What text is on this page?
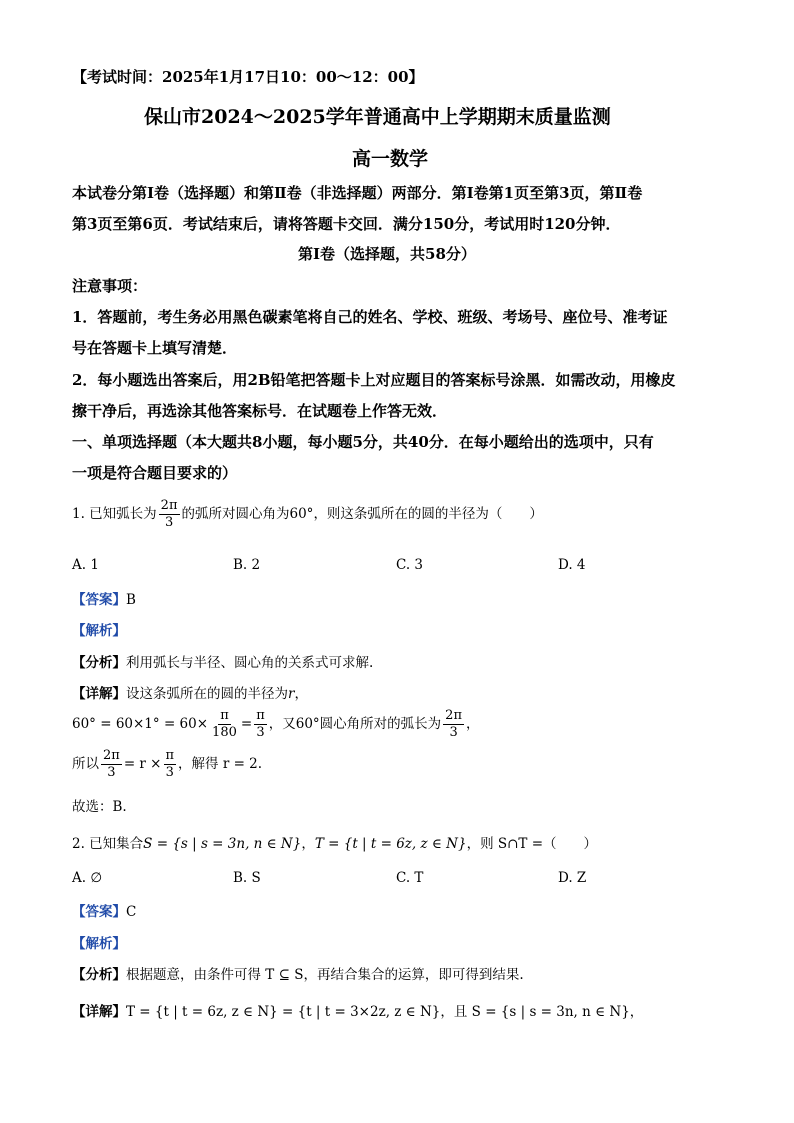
【考试时间：2025年1月17日10：00～12：00】
保山市2024～2025学年普通高中上学期期末质量监测
高一数学
本试卷分第Ⅰ卷（选择题）和第Ⅱ卷（非选择题）两部分．第Ⅰ卷第1页至第3页，第Ⅱ卷
第3页至第6页．考试结束后，请将答题卡交回．满分150分，考试用时120分钟．
第Ⅰ卷（选择题，共58分）
注意事项：
1．答题前，考生务必用黑色碳素笔将自己的姓名、学校、班级、考场号、座位号、准考证
号在答题卡上填写清楚．
2．每小题选出答案后，用2B铅笔把答题卡上对应题目的答案标号涂黑．如需改动，用橡皮
擦干净后，再选涂其他答案标号．在试题卷上作答无效．
一、单项选择题（本大题共8小题，每小题5分，共40分．在每小题给出的选项中，只有
一项是符合题目要求的）
1. 已知弧长为 $\frac{2\pi}{3}$ 的弧所对圆心角为60°，则这条弧所在的圆的半径为（　　）
A. 1	B. 2	C. 3	D. 4
【答案】B
【解析】
【分析】利用弧长与半径、圆心角的关系式可求解.
【详解】设这条弧所在的圆的半径为r，
$60^\circ = 60\times 1^\circ = 60\times \frac{\pi}{180} = \frac{\pi}{3}$ ，又60°圆心角所对的弧长为 $\frac{2\pi}{3}$ ，
所以 $\frac{2\pi}{3} = r \times \frac{\pi}{3}$ ，解得 r = 2.
故选：B.
2. 已知集合S = {s | s = 3n, n ∈ N}，T = {t | t = 6z, z ∈ N}，则 S∩T =（　　）
A. ∅	B. S	C. T	D. Z
【答案】C
【解析】
【分析】根据题意，由条件可得 T ⊆ S，再结合集合的运算，即可得到结果.
【详解】T = {t | t = 6z, z ∈ N} = {t | t = 3×2z, z ∈ N}，且 S = {s | s = 3n, n ∈ N}，
